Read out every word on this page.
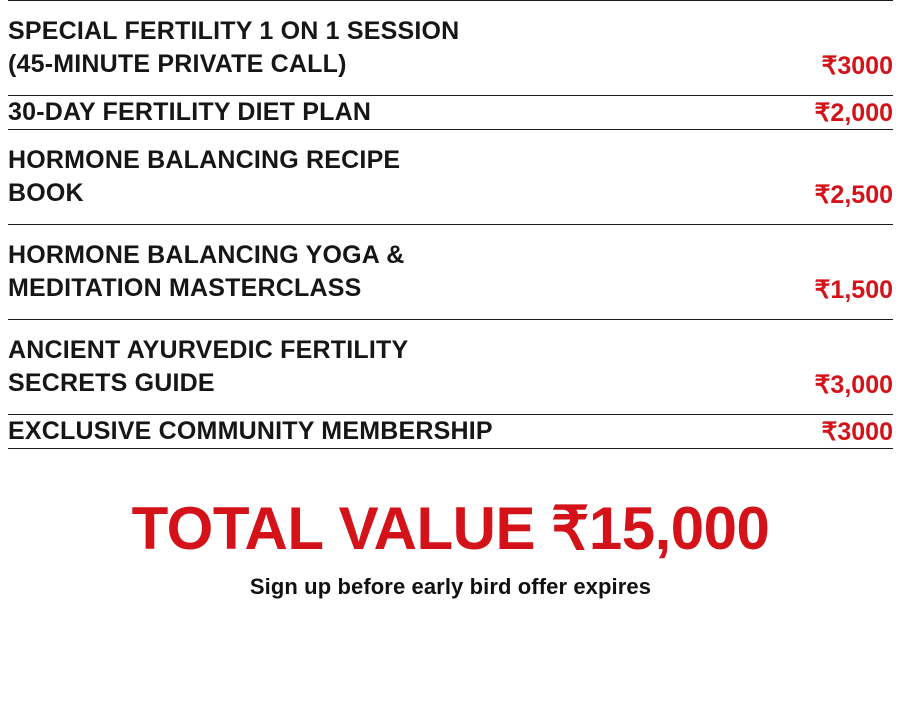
SPECIAL FERTILITY 1 ON 1 SESSION
(45-MINUTE PRIVATE CALL)	₹3000
30-DAY FERTILITY DIET PLAN	₹2,000
HORMONE BALANCING RECIPE
BOOK	₹2,500
HORMONE BALANCING YOGA &
MEDITATION MASTERCLASS	₹1,500
ANCIENT AYURVEDIC FERTILITY
SECRETS GUIDE	₹3,000
EXCLUSIVE COMMUNITY MEMBERSHIP	₹3000
TOTAL VALUE ₹15,000
Sign up before early bird offer expires
